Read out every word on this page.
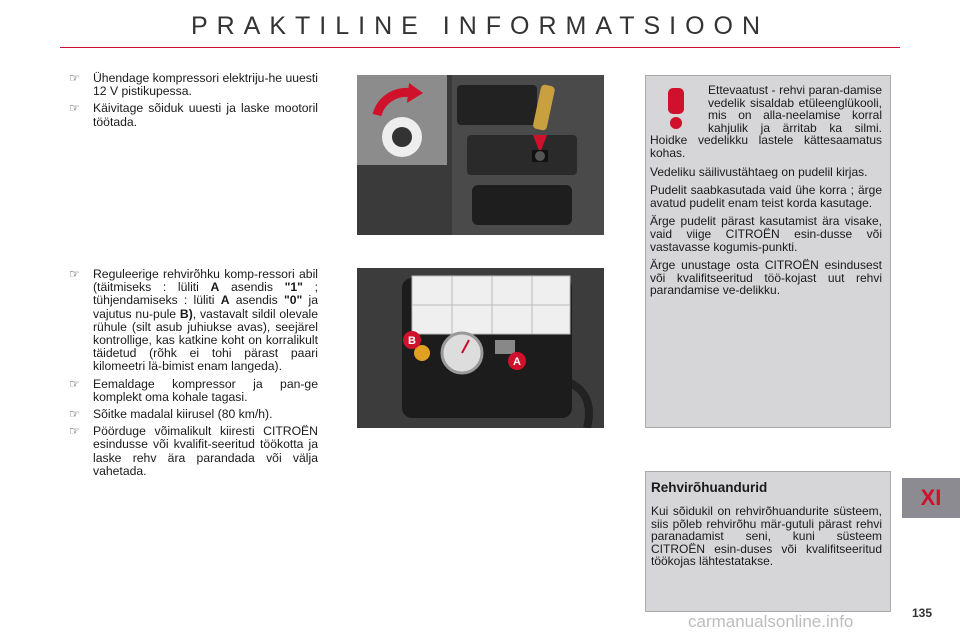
PRAKTILINE INFORMATSIOON
☞ Ühendage kompressori elektriju-he uuesti 12 V pistikupessa.
☞ Käivitage sõiduk uuesti ja laske mootoril töötada.
☞ Reguleerige rehvirõhku komp-ressori abil (täitmiseks : lüliti A asendis "1" ; tühjendamiseks : lüliti A asendis "0" ja vajutus nu-pule B), vastavalt sildil olevale rühule (silt asub juhiukse avas), seejärel kontrollige, kas katkine koht on korralikult täidetud (rõhk ei tohi pärast paari kilomeetri lä-bimist enam langeda).
☞ Eemaldage kompressor ja pan-ge komplekt oma kohale tagasi.
☞ Sõitke madalal kiirusel (80 km/h).
☞ Pöörduge võimalikult kiiresti CITROËN esindusse või kvalifit-seeritud töökotta ja laske rehv ära parandada või välja vahetada.
B
A

Ettevaatust - rehvi paran-damise vedelik sisaldab etüleenglükooli, mis on alla-neelamise korral kahjulik ja ärritab ka silmi. Hoidke vedelikku lastele kättesaamatus kohas.

Vedeliku säilivustähtaeg on pudelil kirjas.

Pudelit saabkasutada vaid ühe korra ; ärge avatud pudelit enam teist korda kasutage.

Ärge pudelit pärast kasutamist ära visake, vaid viige CITROËN esin-dusse või vastavasse kogumis-punkti.

Ärge unustage osta CITROËN esindusest või kvalifitseeritud töö-kojast uut rehvi parandamise ve-delikku.

Rehvirõhuandurid
Kui sõidukil on rehvirõhuandurite süsteem, siis põleb rehvirõhu mär-gutuli pärast rehvi paranadamist seni, kuni süsteem CITROËN esin-duses või kvalifitseeritud töökojas lähtestatakse.
XI
carmanualsonline.info	135
